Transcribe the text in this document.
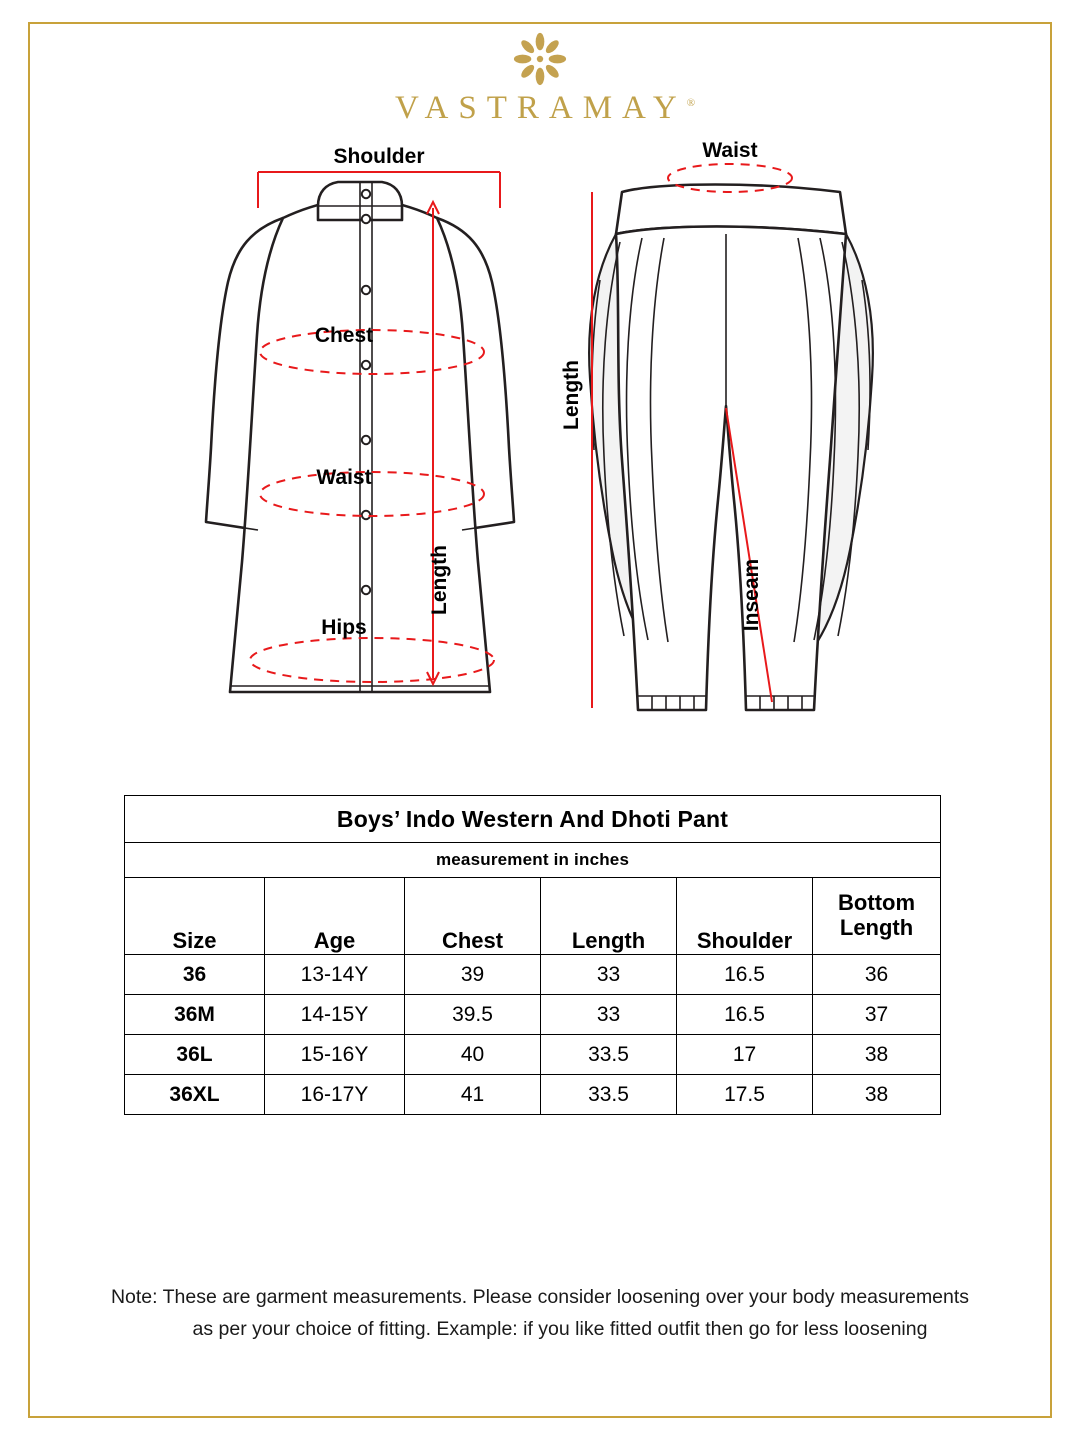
VASTRAMAY®
Shoulder
Chest
Waist
Hips
Length
Waist
Length
Inseam
Boys’ Indo Western And Dhoti Pant					
measurement in inches					
Size	Age	Chest	Length	Shoulder	Bottom
Length

36	13-14Y	39	33	16.5	36
36M	14-15Y	39.5	33	16.5	37
36L	15-16Y	40	33.5	17	38
36XL	16-17Y	41	33.5	17.5	38
Note: These are garment measurements. Please consider loosening over your body measurements
as per your choice of fitting. Example: if you like fitted outfit then go for less loosening
